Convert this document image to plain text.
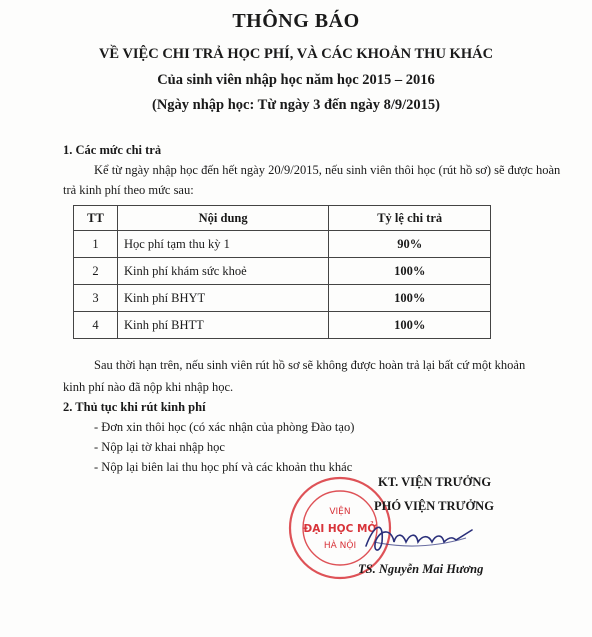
THÔNG BÁO
VỀ VIỆC CHI TRẢ HỌC PHÍ, VÀ CÁC KHOẢN THU KHÁC
Của sinh viên nhập học năm học 2015 – 2016
(Ngày nhập học: Từ ngày 3 đến ngày 8/9/2015)
1. Các mức chi trả
Kể từ ngày nhập học đến hết ngày 20/9/2015, nếu sinh viên thôi học (rút hồ sơ) sẽ được hoàn
trả kinh phí theo mức sau:
TT	Nội dung	Tỷ lệ chi trả
1	Học phí tạm thu kỳ 1	90%
2	Kinh phí khám sức khoẻ	100%
3	Kinh phí BHYT	100%
4	Kinh phí BHTT	100%
Sau thời hạn trên, nếu sinh viên rút hồ sơ sẽ không được hoàn trả lại bất cứ một khoản
kinh phí nào đã nộp khi nhập học.
2. Thủ tục khi rút kinh phí
- Đơn xin thôi học (có xác nhận của phòng Đào tạo)
- Nộp lại tờ khai nhập học
- Nộp lại biên lai thu học phí và các khoản thu khác
VIỆN
ĐẠI HỌC MỞ
HÀ NỘI
KT. VIỆN TRƯỞNG
PHÓ VIỆN TRƯỞNG
TS. Nguyễn Mai Hương
